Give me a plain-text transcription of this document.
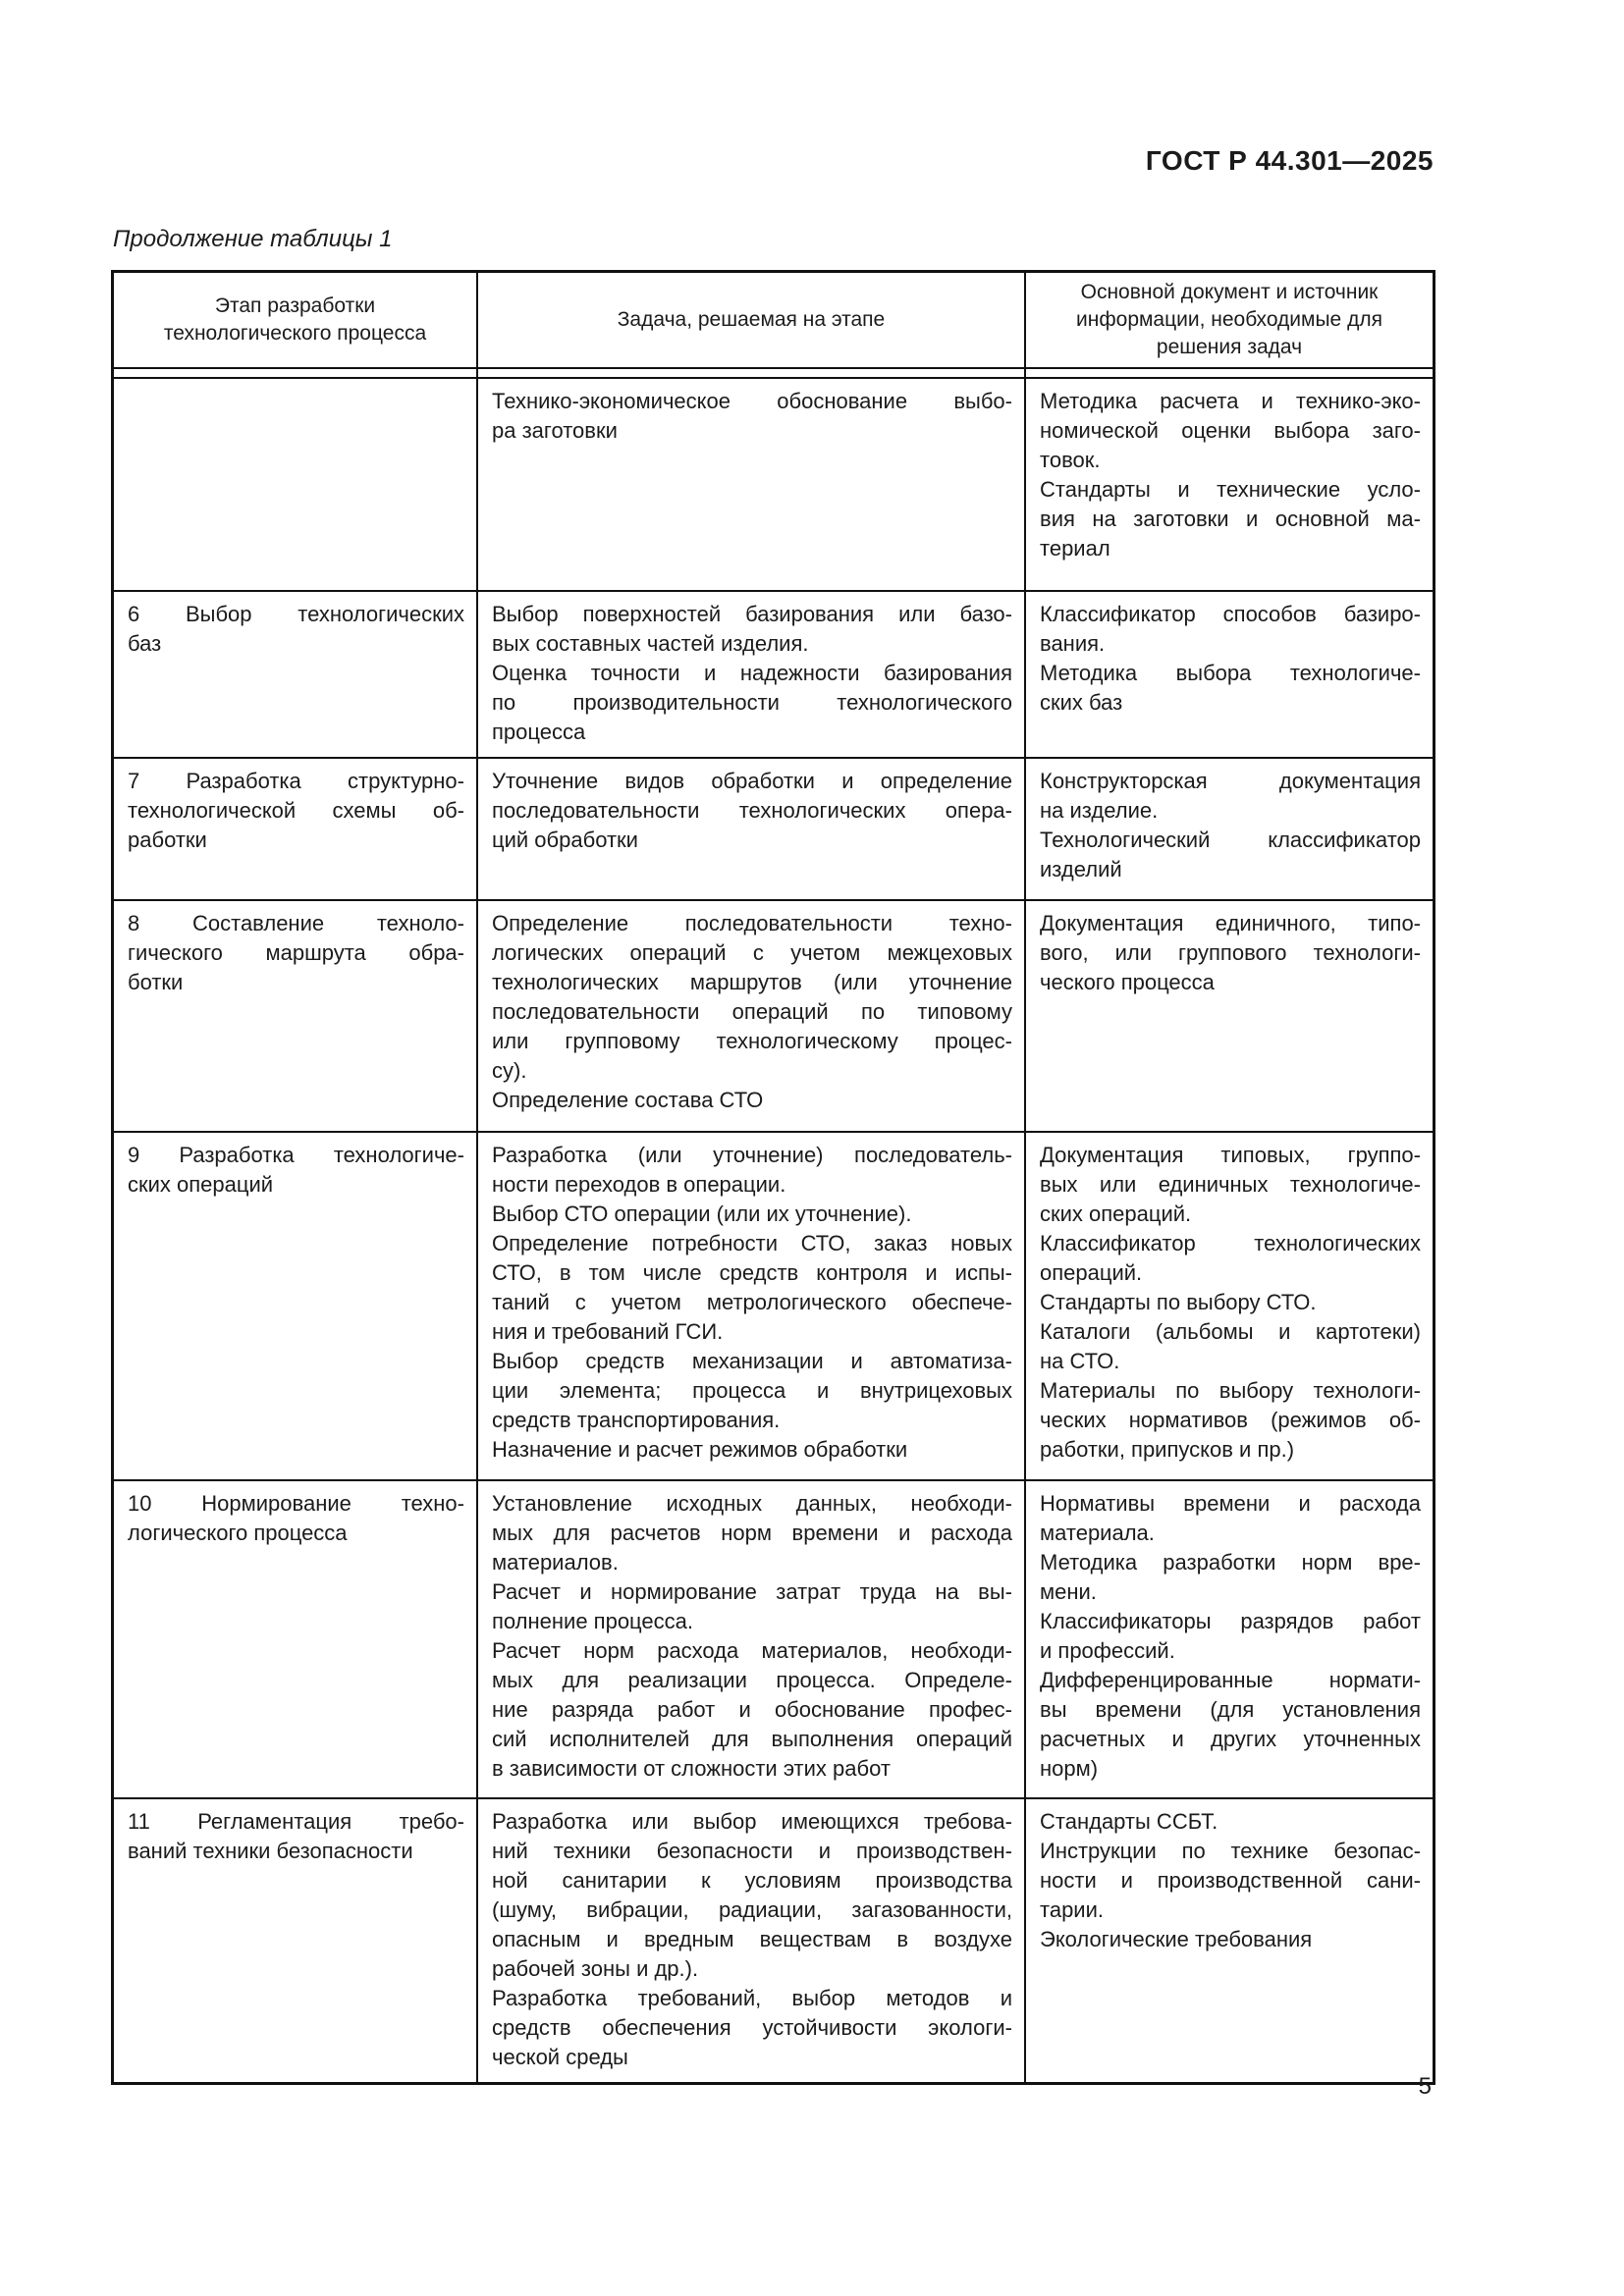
ГОСТ Р 44.301—2025
Продолжение таблицы 1
Этап разработки
технологического процесса
Задача, решаемая на этапе
Основной документ и источник
информации, необходимые для
решения задач
Технико-экономическое обоснование выбо-
ра заготовки
Методика расчета и технико-эко-
номической оценки выбора заго-
товок.
Стандарты и технические усло-
вия на заготовки и основной ма-
териал
6 Выбор технологических
баз
Выбор поверхностей базирования или базо-
вых составных частей изделия.
Оценка точности и надежности базирования
по производительности технологического
процесса
Классификатор способов базиро-
вания.
Методика выбора технологиче-
ских баз
7 Разработка структурно-
технологической схемы об-
работки
Уточнение видов обработки и определение
последовательности технологических опера-
ций обработки
Конструкторская документация
на изделие.
Технологический классификатор
изделий
8 Составление техноло-
гического маршрута обра-
ботки
Определение последовательности техно-
логических операций с учетом межцеховых
технологических маршрутов (или уточнение
последовательности операций по типовому
или групповому технологическому процес-
су).
Определение состава СТО
Документация единичного, типо-
вого, или группового технологи-
ческого процесса
9 Разработка технологиче-
ских операций
Разработка (или уточнение) последователь-
ности переходов в операции.
Выбор СТО операции (или их уточнение).
Определение потребности СТО, заказ новых
СТО, в том числе средств контроля и испы-
таний с учетом метрологического обеспече-
ния и требований ГСИ.
Выбор средств механизации и автоматиза-
ции элемента; процесса и внутрицеховых
средств транспортирования.
Назначение и расчет режимов обработки
Документация типовых, группо-
вых или единичных технологиче-
ских операций.
Классификатор технологических
операций.
Стандарты по выбору СТО.
Каталоги (альбомы и картотеки)
на СТО.
Материалы по выбору технологи-
ческих нормативов (режимов об-
работки, припусков и пр.)
10 Нормирование техно-
логического процесса
Установление исходных данных, необходи-
мых для расчетов норм времени и расхода
материалов.
Расчет и нормирование затрат труда на вы-
полнение процесса.
Расчет норм расхода материалов, необходи-
мых для реализации процесса. Определе-
ние разряда работ и обоснование профес-
сий исполнителей для выполнения операций
в зависимости от сложности этих работ
Нормативы времени и расхода
материала.
Методика разработки норм вре-
мени.
Классификаторы разрядов работ
и профессий.
Дифференцированные нормати-
вы времени (для установления
расчетных и других уточненных
норм)
11 Регламентация требо-
ваний техники безопасности
Разработка или выбор имеющихся требова-
ний техники безопасности и производствен-
ной санитарии к условиям производства
(шуму, вибрации, радиации, загазованности,
опасным и вредным веществам в воздухе
рабочей зоны и др.).
Разработка требований, выбор методов и
средств обеспечения устойчивости экологи-
ческой среды
Стандарты ССБТ.
Инструкции по технике безопас-
ности и производственной сани-
тарии.
Экологические требования
5
